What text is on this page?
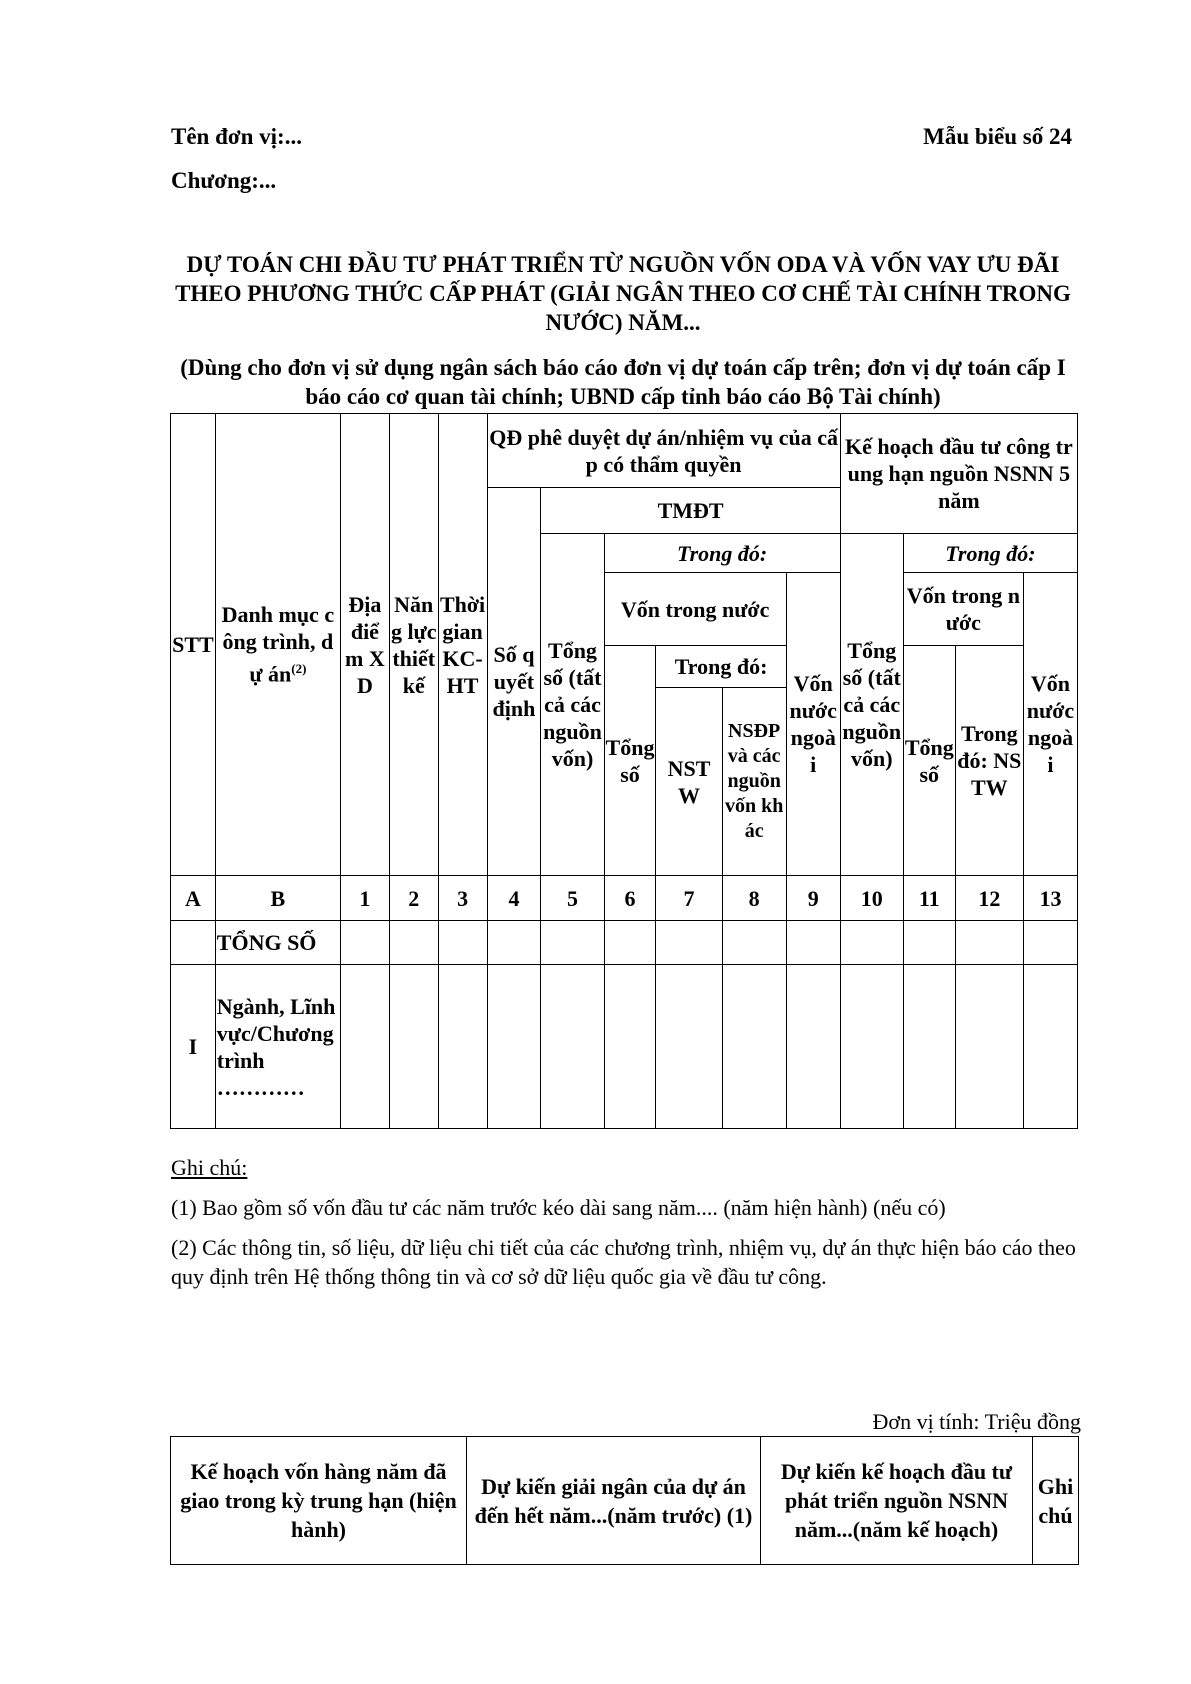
Tên đơn vị:...	Mẫu biểu số 24
Chương:...
DỰ TOÁN CHI ĐẦU TƯ PHÁT TRIỂN TỪ NGUỒN VỐN ODA VÀ VỐN VAY ƯU ĐÃI THEO PHƯƠNG THỨC CẤP PHÁT (GIẢI NGÂN THEO CƠ CHẾ TÀI CHÍNH TRONG NƯỚC) NĂM...
(Dùng cho đơn vị sử dụng ngân sách báo cáo đơn vị dự toán cấp trên; đơn vị dự toán cấp I báo cáo cơ quan tài chính; UBND cấp tỉnh báo cáo Bộ Tài chính)
STT	Danh mục công trình, dự $án^{(2)}$	Địa điểm XD	Năng lực thiết kế	Thời gian KC-HT	QĐ phê duyệt dự án/nhiệm vụ của cấp có thẩm quyền						Kế hoạch đầu tư công trung hạn nguồn NSNN 5 năm			
					Số quyết định	TMĐT								
						Tổng số (tất cả các nguồn vốn)	Trong đó:				Tổng số (tất cả các nguồn vốn)	Trong đó:		
							Vốn trong nước			Vốn nước ngoài		Vốn trong nước		Vốn nước ngoài
							Tổng số	Trong đó:				Tổng số	Trong đó: NSTW	
								NSTW	NSĐP và các nguồn vốn khác					
A	B	1	2	3	4	5	6	7	8	9	10	11	12	13
	TỔNG SỐ													
I	Ngành, Lĩnh vực/Chương trình …………													

Ghi chú:

(1) Bao gồm số vốn đầu tư các năm trước kéo dài sang năm.... (năm hiện hành) (nếu có)

(2) Các thông tin, số liệu, dữ liệu chi tiết của các chương trình, nhiệm vụ, dự án thực hiện báo cáo theo quy định trên Hệ thống thông tin và cơ sở dữ liệu quốc gia về đầu tư công.

Đơn vị tính: Triệu đồng
Kế hoạch vốn hàng năm đã giao trong kỳ trung hạn (hiện hành)	Dự kiến giải ngân của dự án đến hết năm...(năm trước) (1)	Dự kiến kế hoạch đầu tư phát triển nguồn NSNN năm...(năm kế hoạch)	Ghi chú
